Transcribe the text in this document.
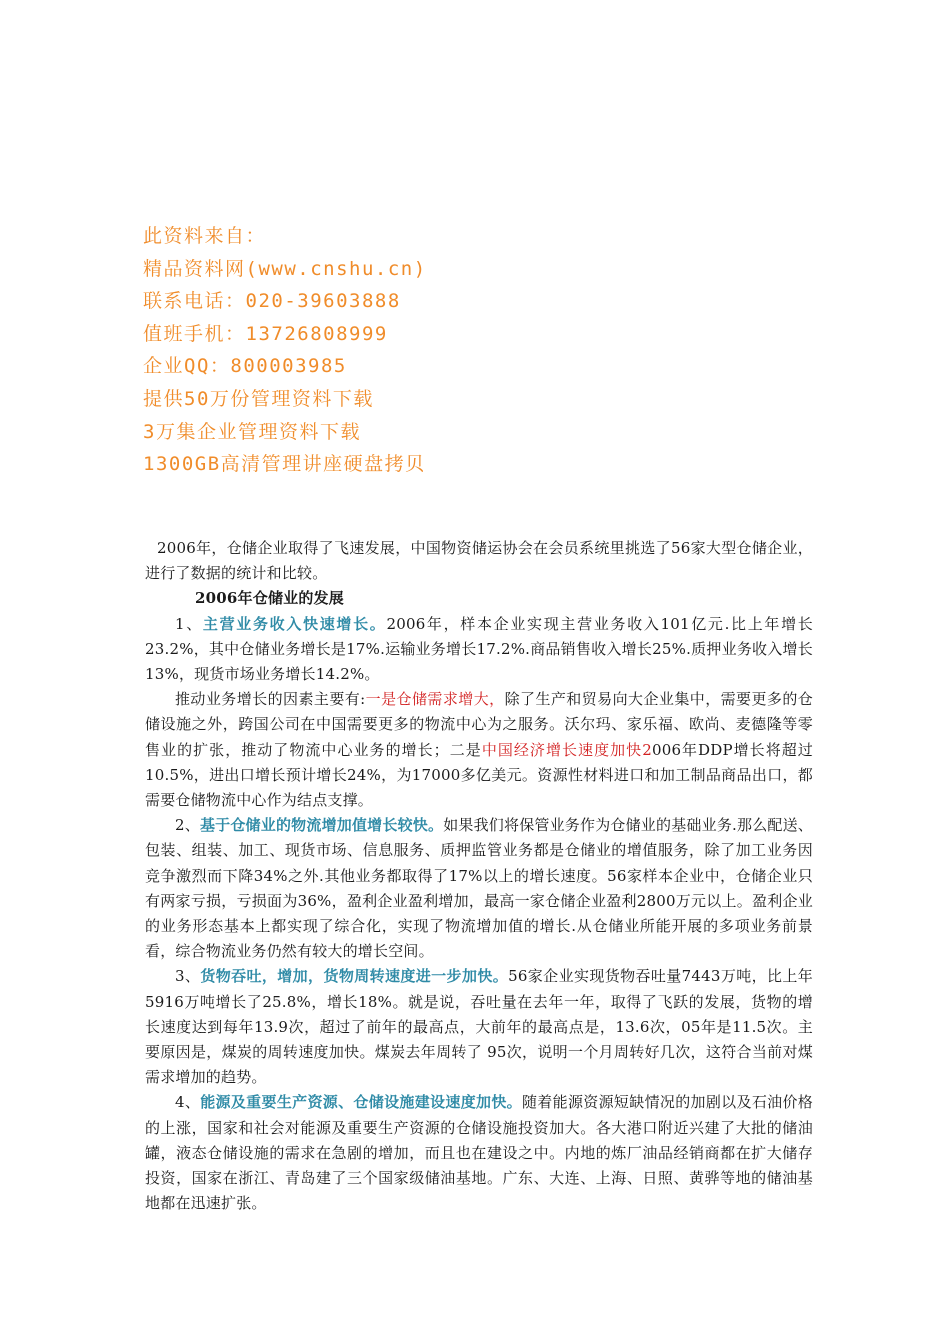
此资料来自：
精品资料网(www.cnshu.cn)
联系电话：020-39603888
值班手机：13726808999
企业QQ：800003985
提供50万份管理资料下载
3万集企业管理资料下载
1300GB高清管理讲座硬盘拷贝

2006年，仓储企业取得了飞速发展，中国物资储运协会在会员系统里挑选了56家大型仓储企业，进行了数据的统计和比较。

2006年仓储业的发展

1、主营业务收入快速增长。2006年，样本企业实现主营业务收入101亿元.比上年增长23.2%，其中仓储业务增长是17%.运输业务增长17.2%.商品销售收入增长25%.质押业务收入增长13%，现货市场业务增长14.2%。

推动业务增长的因素主要有:一是仓储需求增大，除了生产和贸易向大企业集中，需要更多的仓储设施之外，跨国公司在中国需要更多的物流中心为之服务。沃尔玛、家乐福、欧尚、麦德隆等零售业的扩张，推动了物流中心业务的增长；二是中国经济增长速度加快2006年DDP增长将超过10.5%，进出口增长预计增长24%，为17000多亿美元。资源性材料进口和加工制品商品出口，都需要仓储物流中心作为结点支撑。

2、基于仓储业的物流增加值增长较快。如果我们将保管业务作为仓储业的基础业务.那么配送、包装、组装、加工、现货市场、信息服务、质押监管业务都是仓储业的增值服务，除了加工业务因竞争激烈而下降34%之外.其他业务都取得了17%以上的增长速度。56家样本企业中，仓储企业只有两家亏损，亏损面为36%，盈利企业盈利增加，最高一家仓储企业盈利2800万元以上。盈利企业的业务形态基本上都实现了综合化，实现了物流增加值的增长.从仓储业所能开展的多项业务前景看，综合物流业务仍然有较大的增长空间。

3、货物吞吐，增加，货物周转速度进一步加快。56家企业实现货物吞吐量7443万吨，比上年5916万吨增长了25.8%，增长18%。就是说，吞吐量在去年一年，取得了飞跃的发展，货物的增长速度达到每年13.9次，超过了前年的最高点，大前年的最高点是，13.6次，05年是11.5次。主要原因是，煤炭的周转速度加快。煤炭去年周转了 95次，说明一个月周转好几次，这符合当前对煤需求增加的趋势。

4、能源及重要生产资源、仓储设施建设速度加快。随着能源资源短缺情况的加剧以及石油价格的上涨，国家和社会对能源及重要生产资源的仓储设施投资加大。各大港口附近兴建了大批的储油罐，液态仓储设施的需求在急剧的增加，而且也在建设之中。内地的炼厂油品经销商都在扩大储存投资，国家在浙江、青岛建了三个国家级储油基地。广东、大连、上海、日照、黄骅等地的储油基地都在迅速扩张。
